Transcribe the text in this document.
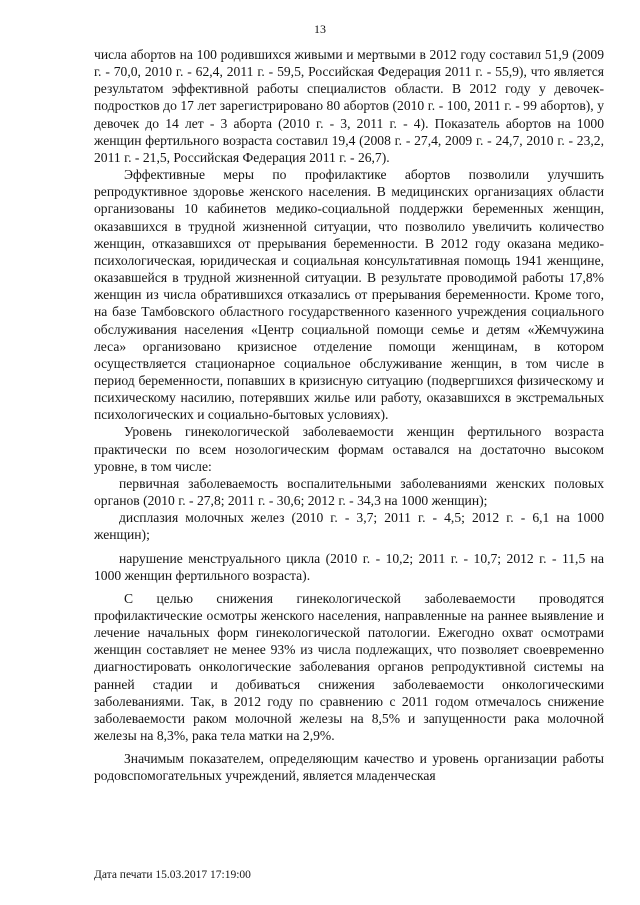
13

числа абортов на 100 родившихся живыми и мертвыми в 2012 году составил 51,9 (2009 г. - 70,0, 2010 г. - 62,4, 2011 г. - 59,5, Российская Федерация 2011 г. - 55,9), что является результатом эффективной работы специалистов области. В 2012 году у девочек-подростков до 17 лет зарегистрировано 80 абортов (2010 г. - 100, 2011 г. - 99 абортов), у девочек до 14 лет - 3 аборта (2010 г. - 3, 2011 г. - 4). Показатель абортов на 1000 женщин фертильного возраста составил 19,4 (2008 г. - 27,4, 2009 г. - 24,7, 2010 г. - 23,2, 2011 г. - 21,5, Российская Федерация 2011 г. - 26,7).

Эффективные меры по профилактике абортов позволили улучшить репродуктивное здоровье женского населения. В медицинских организациях области организованы 10 кабинетов медико-социальной поддержки беременных женщин, оказавшихся в трудной жизненной ситуации, что позволило увеличить количество женщин, отказавшихся от прерывания беременности. В 2012 году оказана медико-психологическая, юридическая и социальная консультативная помощь 1941 женщине, оказавшейся в трудной жизненной ситуации. В результате проводимой работы 17,8% женщин из числа обратившихся отказались от прерывания беременности. Кроме того, на базе Тамбовского областного государственного казенного учреждения социального обслуживания населения «Центр социальной помощи семье и детям «Жемчужина леса» организовано кризисное отделение помощи женщинам, в котором осуществляется стационарное социальное обслуживание женщин, в том числе в период беременности, попавших в кризисную ситуацию (подвергшихся физическому и психическому насилию, потерявших жилье или работу, оказавшихся в экстремальных психологических и социально-бытовых условиях).

Уровень гинекологической заболеваемости женщин фертильного возраста практически по всем нозологическим формам оставался на достаточно высоком уровне, в том числе:

первичная заболеваемость воспалительными заболеваниями женских половых органов (2010 г. - 27,8; 2011 г. - 30,6; 2012 г. - 34,3 на 1000 женщин);

дисплазия молочных желез (2010 г. - 3,7; 2011 г. - 4,5; 2012 г. - 6,1 на 1000 женщин);

нарушение менструального цикла (2010 г. - 10,2; 2011 г. - 10,7; 2012 г. - 11,5 на 1000 женщин фертильного возраста).

С целью снижения гинекологической заболеваемости проводятся профилактические осмотры женского населения, направленные на раннее выявление и лечение начальных форм гинекологической патологии. Ежегодно охват осмотрами женщин составляет не менее 93% из числа подлежащих, что позволяет своевременно диагностировать онкологические заболевания органов репродуктивной системы на ранней стадии и добиваться снижения заболеваемости онкологическими заболеваниями. Так, в 2012 году по сравнению с 2011 годом отмечалось снижение заболеваемости раком молочной железы на 8,5% и запущенности рака молочной железы на 8,3%, рака тела матки на 2,9%.

Значимым показателем, определяющим качество и уровень организации работы родовспомогательных учреждений, является младенческая

Дата печати 15.03.2017 17:19:00
